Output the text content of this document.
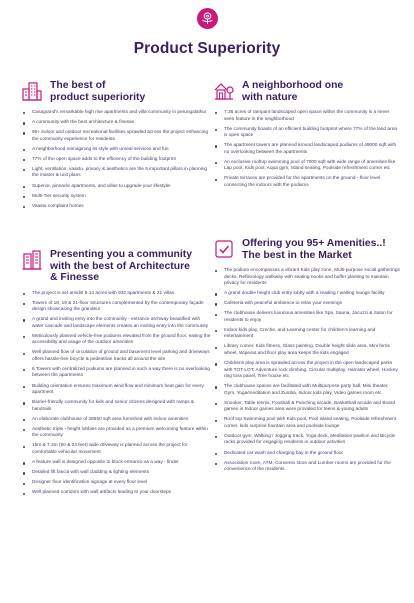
Product Superiority
The best of
product superiority
Casagrand's remarkable high rise apartments and villa community in perungalathur
A community with the best architecture & finesse
95+ indoor and outdoor recreational facilities sprawled across the project enhancing the community experience for residents
A neighborhood reimagining its style with unreal services and fun
77% of the open space adds to the efficiency of the building footprint
Light, ventilation, vaastu, privacy & aesthetics are the 5 important pillars in planning the master & unit plans
Superior, pinnacle apartments, and villas to upgrade your lifestyle!
Multi-Tier security system
Vaastu complaint homes
A neighborhood one
with nature
7.35 acres of rampant landscaped open space within the community is a never seen feature in the neighborhood
The community boasts of an efficient building footprint where 77% of the land area is open space
The apartment towers are planned around landscaped podiums of 49000 sqft with no overlooking between the apartments
An exclusive rooftop swimming pool of 7000 sqft with wide range of amenities like Lap pool, Kids pool, Aqua gym, Island seating, Poolside refreshment corner etc
Private terraces are provided for the apartments on the ground - floor level connecting the indoors with the podiums
Presenting you a community
with the best of Architecture
& Finesse
The project is set amidst 9.14 acres with 932 apartments & 21 villas
Towers of 18, 19 & 21-floor structures complemented by the contemporary façade design showcasing the grandeur
A grand and inviting entry into the community - entrance archway beautified with water cascade and landscape elements creates an inviting entry into the community
Meticulously planned vehicle-free podiums elevated from the ground floor, easing the accessibility and usage of the outdoor amenities
Well planned flow of circulation of ground and basement level parking and driveways offers hassle-free bicycle & pedestrian tracks all around the site
6 Towers with centralized podiums are planned in such a way there is no overlooking between the apartments
Building orientation ensures maximum wind flow and minimum heat gain for every apartment
Barrier-friendly community for kids and senior citizens designed with ramps & handrails
An elaborate clubhouse of 28550 sqft area furnished with indoor amenities
Aesthetic triple - height lobbies are provided as a premium welcoming feature within the community
15m & 7.2m (50 & 24 feet) wide driveway is planned across the project for comfortable vehicular movement
A feature wall is designed opposite to block entrance as a way - finder
Detailed lift fascia with wall cladding & lighting elements
Designer floor identification signage at every floor level
Well planned corridors with wall artifacts leading to your doorsteps
Offering you 95+ Amenities..!
The best in the Market
The podium encompasses a vibrant Kids play zone, Multi-purpose social gatherings decks, Reflexology walkway with seating nooks and buffer planting to maintain privacy for residents
A grand double height club entry lobby with a reading / waiting lounge facility
Cafeteria with peaceful ambience to relax your evenings
The clubhouse delivers luxurious amenities like Spa, Sauna, Jacuzzi & Salon for residents to enjoy
Indoor kids play, Creche, and Learning center for children's learning and entertainment
Library corner, Kids fitness, Glass painting, Double height slide area, Mini ferris wheel, Wipeout and floor play area keeps the kids engaged
Childrens play area is sprawled across the project in the open landscaped parks with TOT-LOT, Adventure rock climbing, Circular multiplay, Hamster wheel, Hockey ring toss panel, Tree house etc
The clubhouse spaces are facilitated with Multipurpose party hall, Mini theater, Gym, Yoga/meditation and Zumba, Indoor kids play, Video games room etc
Snooker, Table tennis, Foosball & Punching arcade, Basketball arcade and Board games in Indoor games area were provided for teens & young adults
Roof top Swimming pool with Kids pool, Pool island seating, Poolside refreshment corner, kids surprise fountain area and poolside lounge
Outdoor gym, Walking / Jogging track, Yoga deck, Meditation pavilion and Bicycle racks provided for engaging residents in outdoor activities
Dedicated car wash and charging bay in the ground floor
Association room, ATM, Convenio store and Lumber rooms are provided for the convenience of the residents
